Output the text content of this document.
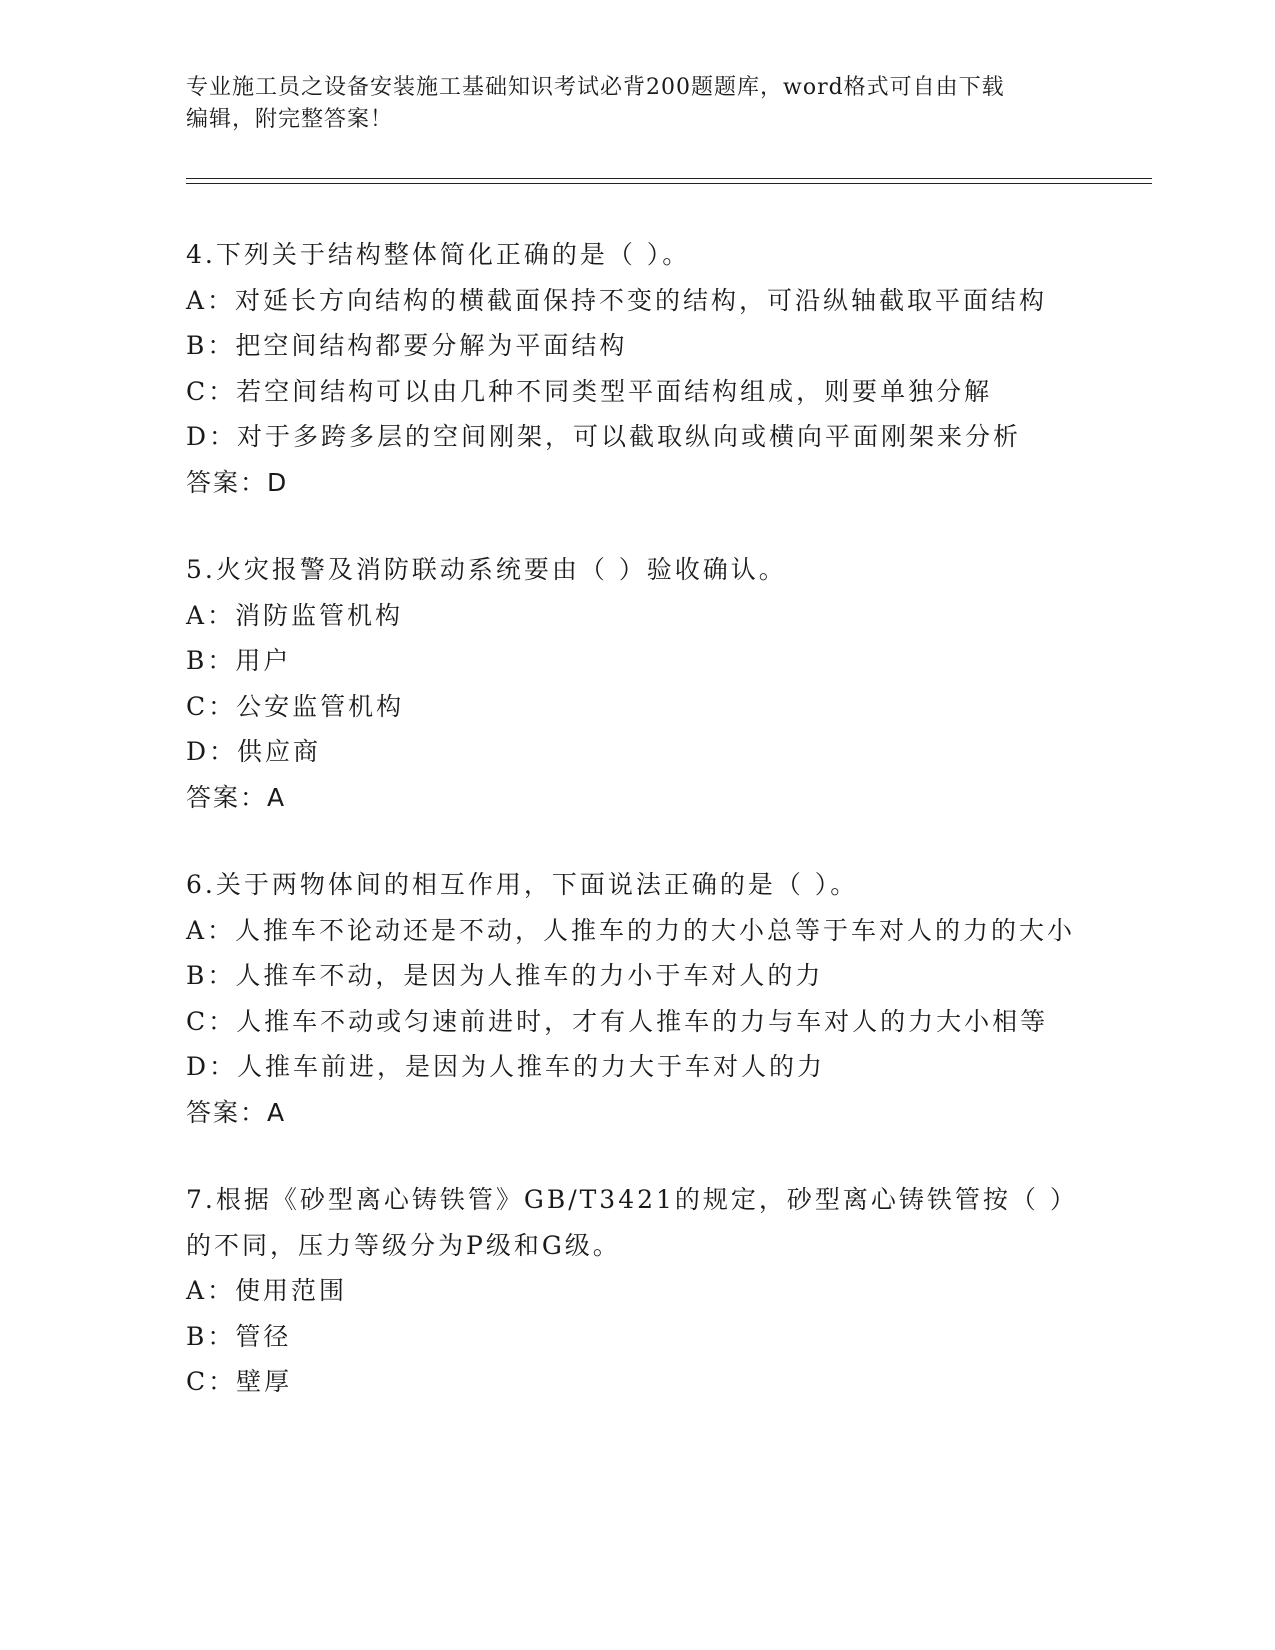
专业施工员之设备安装施工基础知识考试必背200题题库，word格式可自由下载
编辑，附完整答案！
4.下列关于结构整体简化正确的是（ ）。
A：对延长方向结构的横截面保持不变的结构，可沿纵轴截取平面结构
B：把空间结构都要分解为平面结构
C：若空间结构可以由几种不同类型平面结构组成，则要单独分解
D：对于多跨多层的空间刚架，可以截取纵向或横向平面刚架来分析
答案：D
5.火灾报警及消防联动系统要由（ ）验收确认。
A：消防监管机构
B：用户
C：公安监管机构
D：供应商
答案：A
6.关于两物体间的相互作用，下面说法正确的是（ ）。
A：人推车不论动还是不动，人推车的力的大小总等于车对人的力的大小
B：人推车不动，是因为人推车的力小于车对人的力
C：人推车不动或匀速前进时，才有人推车的力与车对人的力大小相等
D：人推车前进，是因为人推车的力大于车对人的力
答案：A
7.根据《砂型离心铸铁管》GB/T3421的规定，砂型离心铸铁管按（ ）的不同，压力等级分为P级和G级。
A：使用范围
B：管径
C：壁厚
